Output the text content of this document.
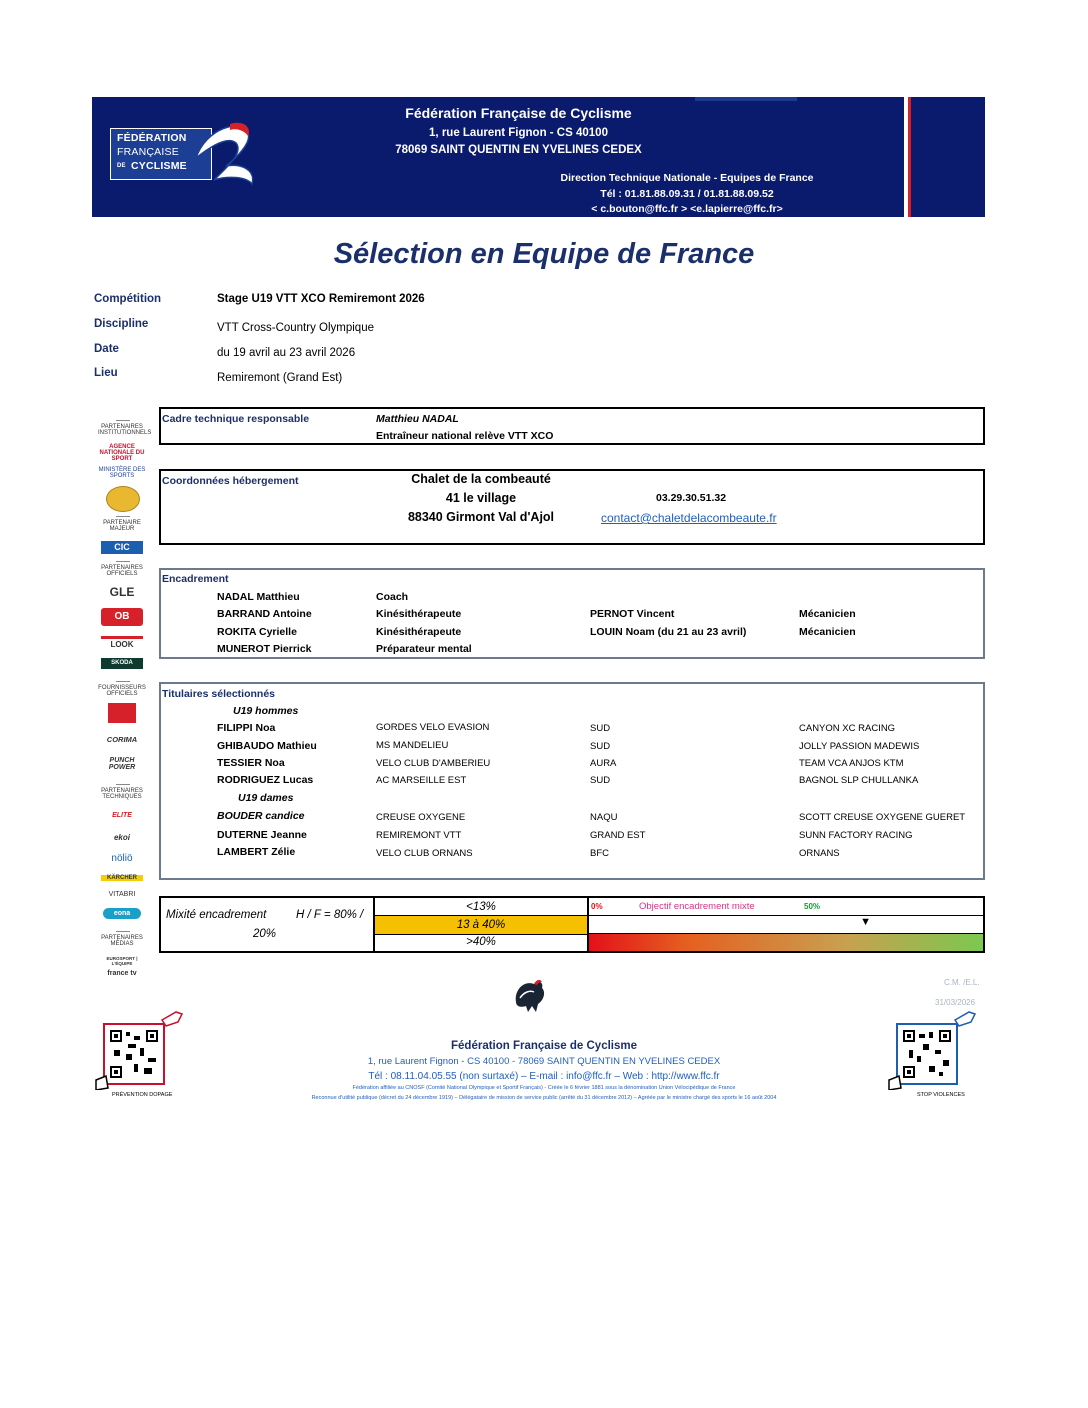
Fédération Française de Cyclisme
1, rue Laurent Fignon - CS 40100
78069 SAINT QUENTIN EN YVELINES CEDEX
Direction Technique Nationale - Equipes de France
Tél : 01.81.88.09.31 / 01.81.88.09.52
< c.bouton@ffc.fr > <e.lapierre@ffc.fr>
FÉDÉRATION
FRANÇAISE
CYCLISME
DE
Sélection en Equipe de France
Compétition	Stage U19 VTT XCO Remiremont 2026
Discipline	VTT Cross-Country Olympique
Date	du 19 avril au 23 avril 2026
Lieu	Remiremont (Grand Est)
PARTENAIRES INSTITUTIONNELS
AGENCE NATIONALE DU SPORT
MINISTÈRE DES SPORTS
PARTENAIRE MAJEUR
CIC
PARTENAIRES OFFICIELS
GLE
OB
LOOK
SKODA
FOURNISSEURS OFFICIELS
CORIMA
PUNCH POWER
PARTENAIRES TECHNIQUES
ELITE
ekoi
nöliö
KÄRCHER
VITABRI
eona
PARTENAIRES MÉDIAS
EUROSPORT | L'ÉQUIPE
france tv
Cadre technique responsable	Matthieu NADAL
Entraîneur national relève VTT XCO
Coordonnées hébergement	Chalet de la combeauté
41 le village
88340 Girmont Val d'Ajol
03.29.30.51.32
contact@chaletdelacombeaute.fr
Encadrement
NADAL Matthieu	Coach
BARRAND Antoine	Kinésithérapeute	PERNOT Vincent	Mécanicien
ROKITA Cyrielle	Kinésithérapeute	LOUIN Noam (du 21 au 23 avril)	Mécanicien
MUNEROT Pierrick	Préparateur mental
Titulaires sélectionnés
U19 hommes
FILIPPI Noa	GORDES VELO EVASION	SUD	CANYON XC RACING
GHIBAUDO Mathieu	MS MANDELIEU	SUD	JOLLY PASSION MADEWIS
TESSIER Noa	VELO CLUB D'AMBERIEU	AURA	TEAM VCA ANJOS KTM
RODRIGUEZ Lucas	AC MARSEILLE EST	SUD	BAGNOL SLP CHULLANKA
U19 dames
BOUDER candice	CREUSE OXYGENE	NAQU	SCOTT CREUSE OXYGENE GUERET
DUTERNE Jeanne	REMIREMONT VTT	GRAND EST	SUNN FACTORY RACING
LAMBERT Zélie	VELO CLUB ORNANS	BFC	ORNANS
Mixité encadrement	H / F = 80% /
20%
<13%
13 à 40%
>40%
0%	Objectif encadrement mixte	50%
▼
C.M. /E.L.
31/03/2026
Fédération Française de Cyclisme
1, rue Laurent Fignon - CS 40100 - 78069 SAINT QUENTIN EN YVELINES CEDEX
Tél : 08.11.04.05.55 (non surtaxé) – E-mail : info@ffc.fr – Web : http://www.ffc.fr
Fédération affiliée au CNOSF (Comité National Olympique et Sportif Français) - Créée le 6 février 1881 sous la dénomination Union Vélocipédique de France
Reconnue d'utilité publique (décret du 24 décembre 1919) – Délégataire de mission de service public (arrêté du 31 décembre 2012) – Agréée par le ministre chargé des sports le 16 août 2004
PRÉVENTION DOPAGE	STOP VIOLENCES
